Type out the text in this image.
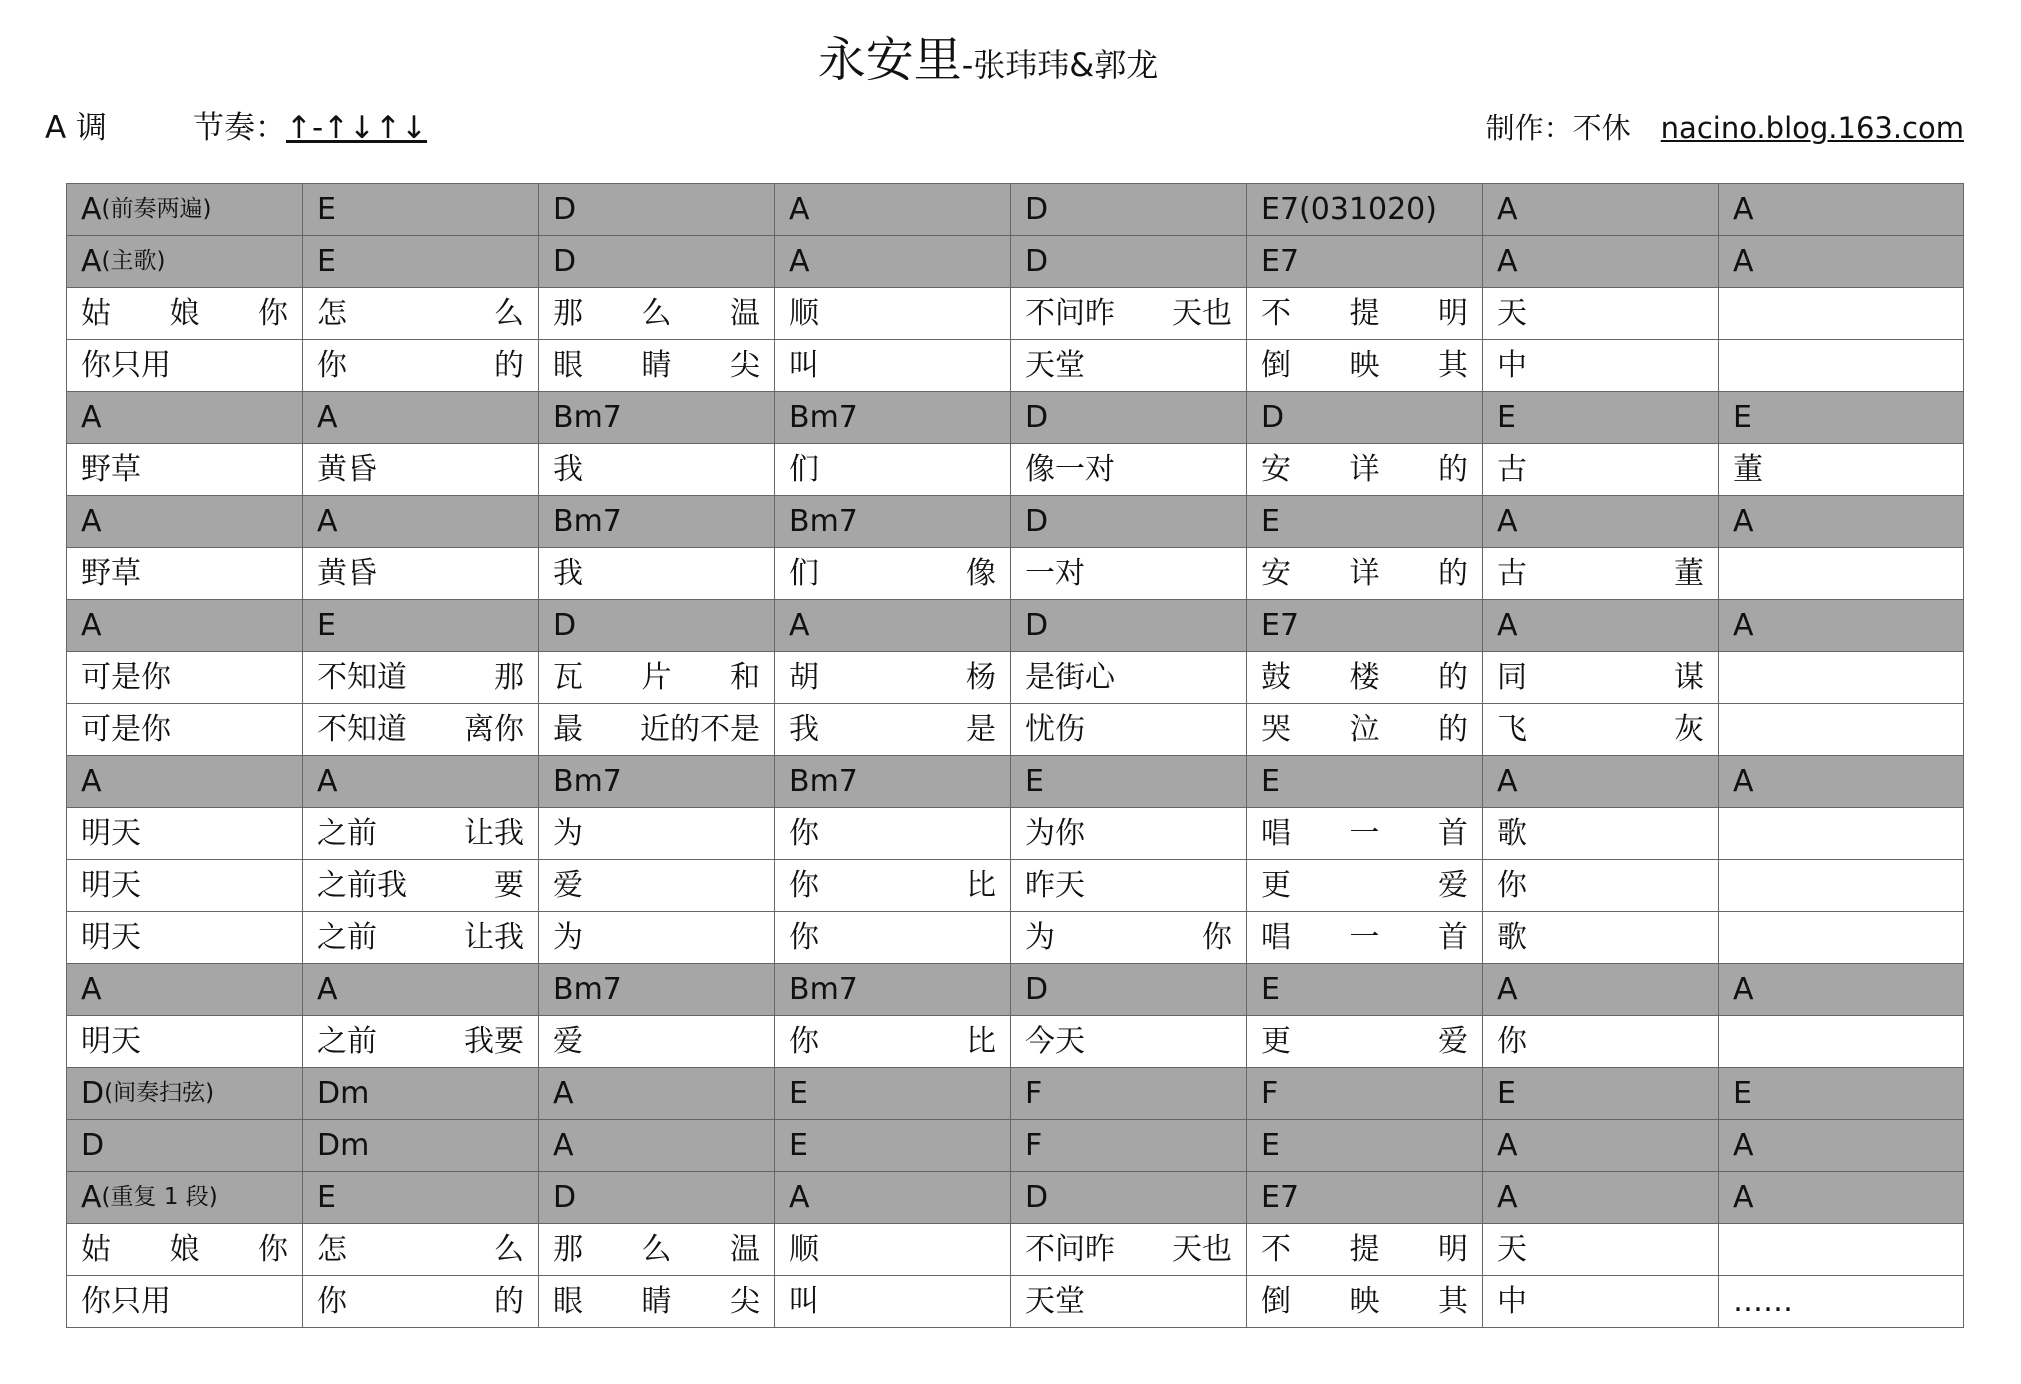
永安里-张玮玮&郭龙
A 调	节奏：↑-↑↓↑↓	制作：不休 nacino.blog.163.com
A (前奏两遍)	E	D	A	D	E7(031020)	A	A

A (主歌)	E	D	A	D	E7	A	A

姑 娘 你	怎 么	那 么 温	顺	不问昨 天也	不 提 明	天	

你只用	你 的	眼 睛 尖	叫	天堂	倒 映 其	中	

A	A	Bm7	Bm7	D	D	E	E

野草	黄昏	我	们	像一对	安 详 的	古	董

A	A	Bm7	Bm7	D	E	A	A

野草	黄昏	我	们 像	一对	安 详 的	古 董	

A	E	D	A	D	E7	A	A

可是你	不知道 那	瓦 片 和	胡 杨	是街心	鼓 楼 的	同 谋	

可是你	不知道 离你	最 近的不是	我 是	忧伤	哭 泣 的	飞 灰	

A	A	Bm7	Bm7	E	E	A	A

明天	之前 让我	为	你	为你	唱 一 首	歌	

明天	之前我 要	爱	你 比	昨天	更 爱	你	

明天	之前 让我	为	你	为 你	唱 一 首	歌	

A	A	Bm7	Bm7	D	E	A	A

明天	之前 我要	爱	你 比	今天	更 爱	你	

D (间奏扫弦)	Dm	A	E	F	F	E	E

D	Dm	A	E	F	E	A	A

A (重复 1 段)	E	D	A	D	E7	A	A

姑 娘 你	怎 么	那 么 温	顺	不问昨 天也	不 提 明	天	

你只用	你 的	眼 睛 尖	叫	天堂	倒 映 其	中	……
